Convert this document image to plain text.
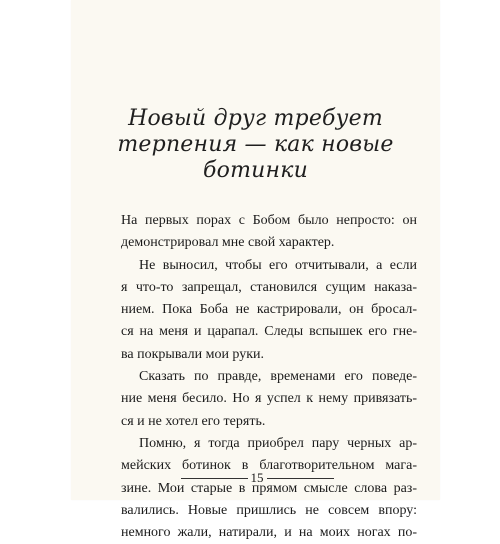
Новый друг требует
терпения — как новые
ботинки
На первых порах с Бобом было непросто: он
демонстрировал мне свой характер.
Не выносил, чтобы его отчитывали, а если
я что-то запрещал, становился сущим наказа-
нием. Пока Боба не кастрировали, он бросал-
ся на меня и царапал. Следы вспышек его гне-
ва покрывали мои руки.
Сказать по правде, временами его поведе-
ние меня бесило. Но я успел к нему привязать-
ся и не хотел его терять.
Помню, я тогда приобрел пару черных ар-
мейских ботинок в благотворительном мага-
зине. Мои старые в прямом смысле слова раз-
валились. Новые пришлись не совсем впору:
немного жали, натирали, и на моих ногах по-
15
